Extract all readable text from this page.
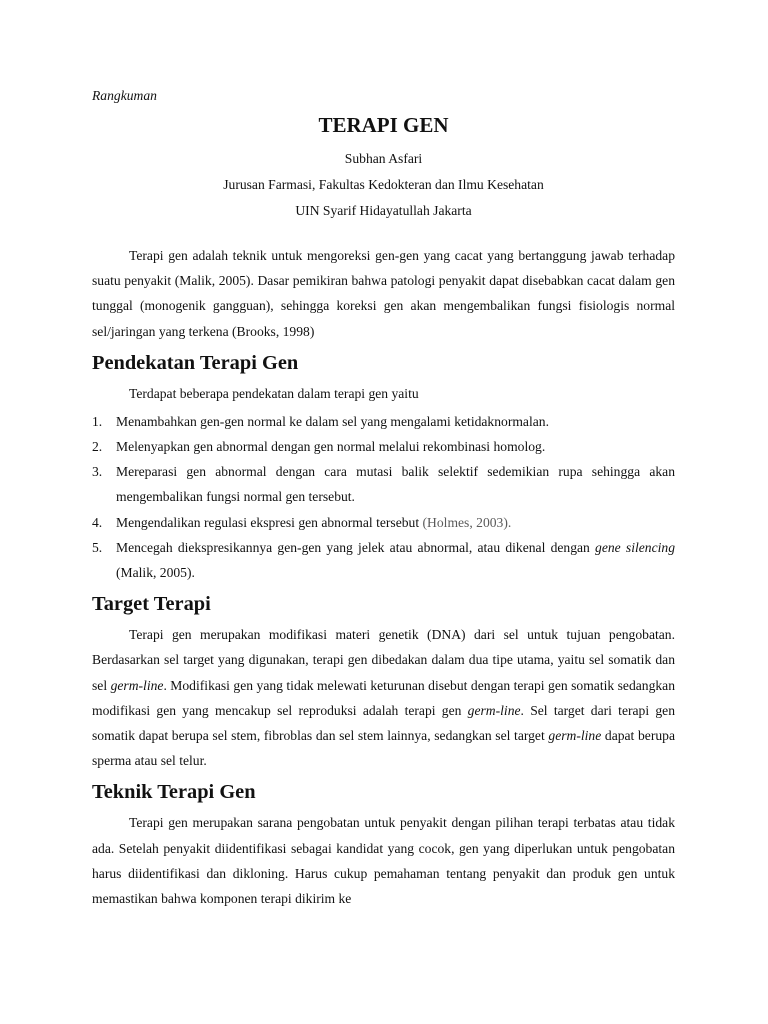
Rangkuman

TERAPI GEN

Subhan Asfari

Jurusan Farmasi, Fakultas Kedokteran dan Ilmu Kesehatan

UIN Syarif Hidayatullah Jakarta

Terapi gen adalah teknik untuk mengoreksi gen-gen yang cacat yang bertanggung jawab terhadap suatu penyakit (Malik, 2005). Dasar pemikiran bahwa patologi penyakit dapat disebabkan cacat dalam gen tunggal (monogenik gangguan), sehingga koreksi gen akan mengembalikan fungsi fisiologis normal sel/jaringan yang terkena (Brooks, 1998)

Pendekatan Terapi Gen

Terdapat beberapa pendekatan dalam terapi gen yaitu

1. Menambahkan gen-gen normal ke dalam sel yang mengalami ketidaknormalan.
2. Melenyapkan gen abnormal dengan gen normal melalui rekombinasi homolog.
3. Mereparasi gen abnormal dengan cara mutasi balik selektif sedemikian rupa sehingga akan mengembalikan fungsi normal gen tersebut.
4. Mengendalikan regulasi ekspresi gen abnormal tersebut (Holmes, 2003).
5. Mencegah diekspresikannya gen-gen yang jelek atau abnormal, atau dikenal dengan gene silencing (Malik, 2005).
Target Terapi

Terapi gen merupakan modifikasi materi genetik (DNA) dari sel untuk tujuan pengobatan. Berdasarkan sel target yang digunakan, terapi gen dibedakan dalam dua tipe utama, yaitu sel somatik dan sel germ-line. Modifikasi gen yang tidak melewati keturunan disebut dengan terapi gen somatik sedangkan modifikasi gen yang mencakup sel reproduksi adalah terapi gen germ-line. Sel target dari terapi gen somatik dapat berupa sel stem, fibroblas dan sel stem lainnya, sedangkan sel target germ-line dapat berupa sperma atau sel telur.

Teknik Terapi Gen

Terapi gen merupakan sarana pengobatan untuk penyakit dengan pilihan terapi terbatas atau tidak ada. Setelah penyakit diidentifikasi sebagai kandidat yang cocok, gen yang diperlukan untuk pengobatan harus diidentifikasi dan dikloning. Harus cukup pemahaman tentang penyakit dan produk gen untuk memastikan bahwa komponen terapi dikirim ke
